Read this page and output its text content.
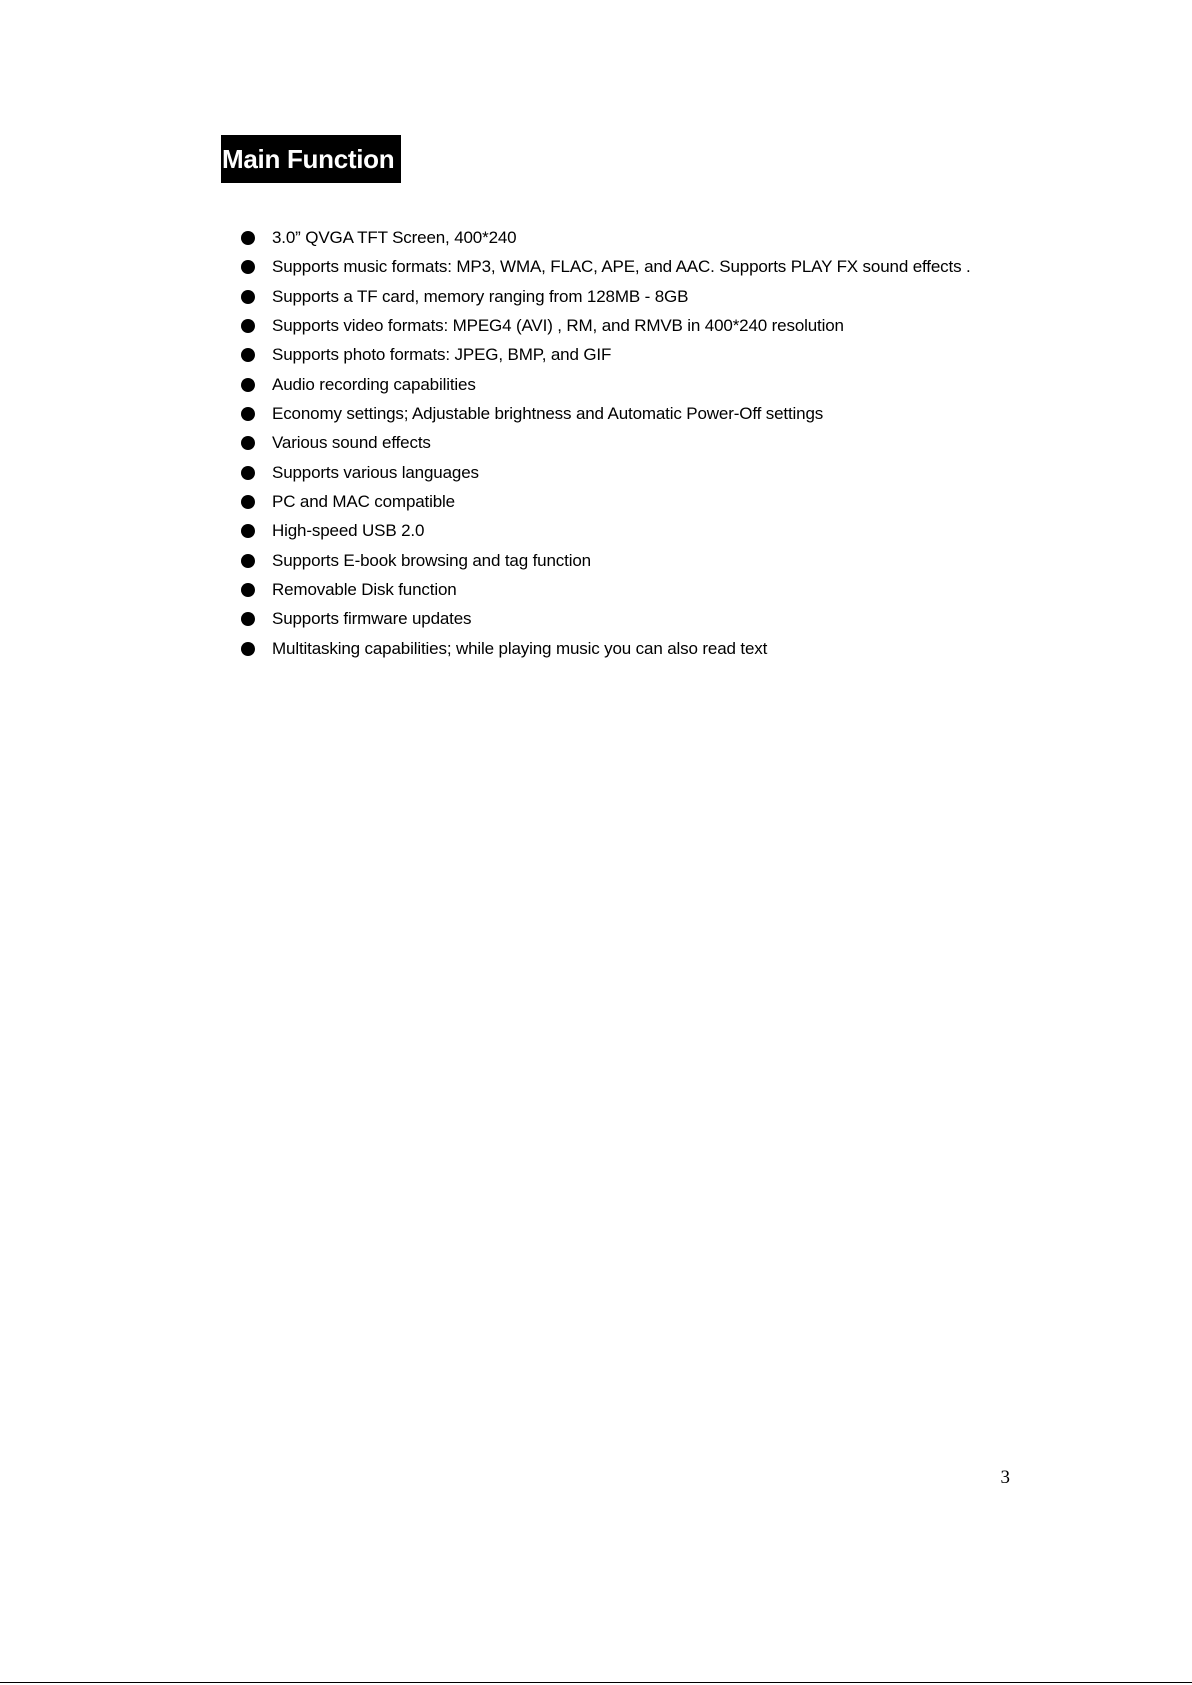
Main Function
3.0” QVGA TFT Screen, 400*240
Supports music formats: MP3, WMA, FLAC, APE, and AAC. Supports PLAY FX sound effects .
Supports a TF card, memory ranging from 128MB - 8GB
Supports video formats: MPEG4 (AVI) , RM, and RMVB in 400*240 resolution
Supports photo formats: JPEG, BMP, and GIF
Audio recording capabilities
Economy settings; Adjustable brightness and Automatic Power-Off settings
Various sound effects
Supports various languages
PC and MAC compatible
High-speed USB 2.0
Supports E-book browsing and tag function
Removable Disk function
Supports firmware updates
Multitasking capabilities; while playing music you can also read text
3
